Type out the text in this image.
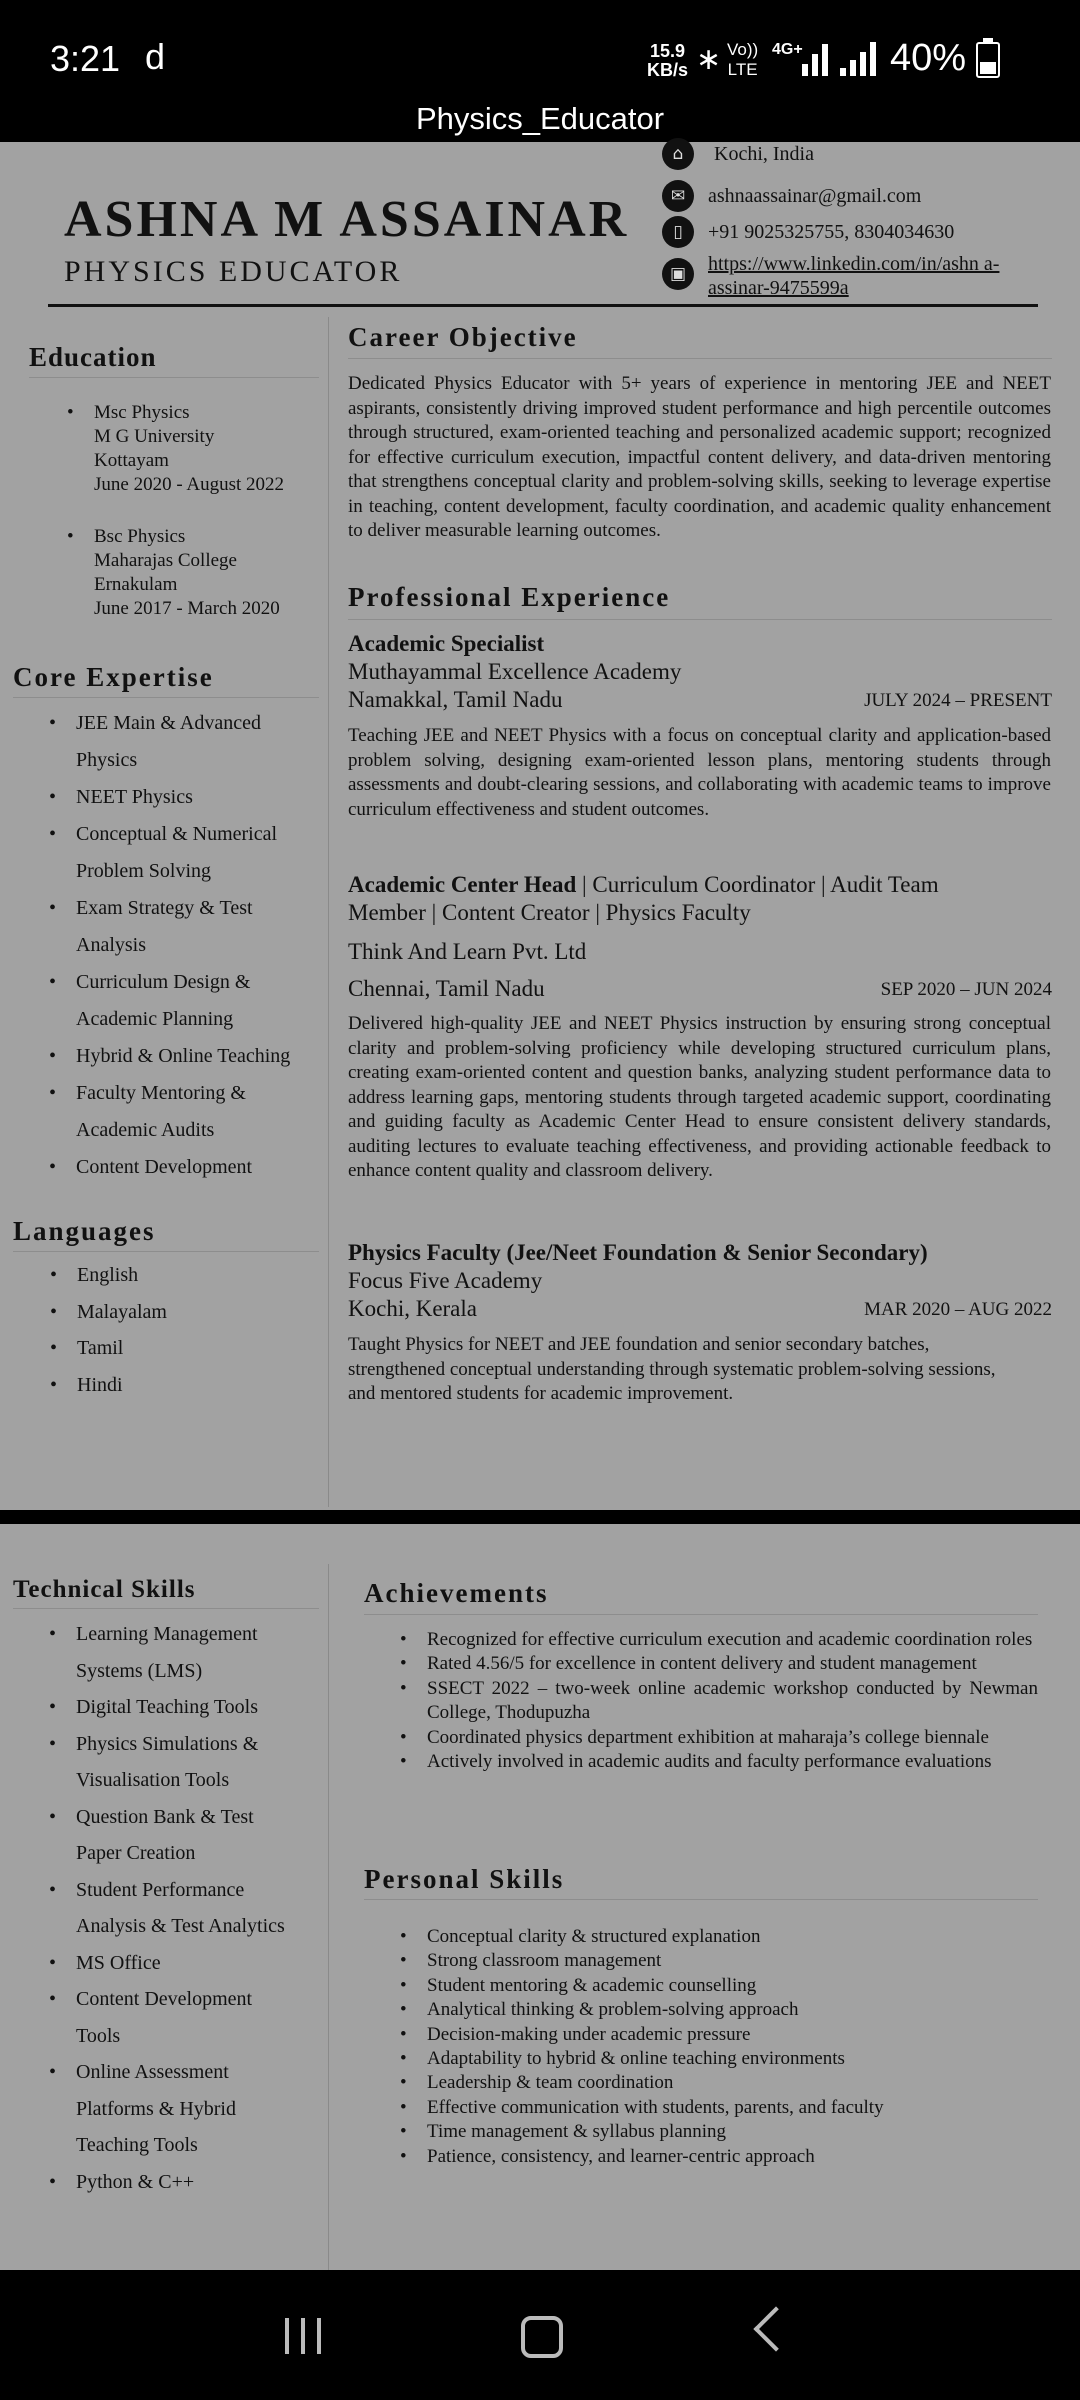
3:21 d	15.9
KB/s ∗ Vo))
LTE
4G+ 40%
Physics_Educator
ASHNA M ASSAINAR
PHYSICS EDUCATOR
⌂	Kochi, India
✉	ashnaassainar@gmail.com
▯	+91 9025325755, 8304034630
▣	https://www.linkedin.com/in/ashn a-
assinar-9475599a
Education
• Msc Physics
M G University
Kottayam
June 2020 - August 2022
• Bsc Physics
Maharajas College
Ernakulam
June 2017 - March 2020
Core Expertise
• JEE Main & Advanced
Physics
• NEET Physics
• Conceptual & Numerical
Problem Solving
• Exam Strategy & Test
Analysis
• Curriculum Design &
Academic Planning
• Hybrid & Online Teaching
• Faculty Mentoring &
Academic Audits
• Content Development
Languages
• English
• Malayalam
• Tamil
• Hindi
Career Objective
Dedicated Physics Educator with 5+ years of experience in mentoring JEE and NEET aspirants, consistently driving improved student performance and high percentile outcomes through structured, exam-oriented teaching and personalized academic support; recognized for effective curriculum execution, impactful content delivery, and data-driven mentoring that strengthens conceptual clarity and problem-solving skills, seeking to leverage expertise in teaching, content development, faculty coordination, and academic quality enhancement to deliver measurable learning outcomes.
Professional Experience
Academic Specialist
Muthayammal Excellence Academy
Namakkal, Tamil Nadu	JULY 2024 – PRESENT
Teaching JEE and NEET Physics with a focus on conceptual clarity and application-based problem solving, designing exam-oriented lesson plans, mentoring students through assessments and doubt-clearing sessions, and collaborating with academic teams to improve curriculum effectiveness and student outcomes.
Academic Center Head | Curriculum Coordinator | Audit Team
Member | Content Creator | Physics Faculty
Think And Learn Pvt. Ltd
Chennai, Tamil Nadu	SEP 2020 – JUN 2024
Delivered high-quality JEE and NEET Physics instruction by ensuring strong conceptual clarity and problem-solving proficiency while developing structured curriculum plans, creating exam-oriented content and question banks, analyzing student performance data to address learning gaps, mentoring students through targeted academic support, coordinating and guiding faculty as Academic Center Head to ensure consistent delivery standards, auditing lectures to evaluate teaching effectiveness, and providing actionable feedback to enhance content quality and classroom delivery.
Physics Faculty (Jee/Neet Foundation & Senior Secondary)
Focus Five Academy
Kochi, Kerala	MAR 2020 – AUG 2022
Taught Physics for NEET and JEE foundation and senior secondary batches, strengthened conceptual understanding through systematic problem-solving sessions, and mentored students for academic improvement.
Technical Skills
• Learning Management
Systems (LMS)
• Digital Teaching Tools
• Physics Simulations &
Visualisation Tools
• Question Bank & Test
Paper Creation
• Student Performance
Analysis & Test Analytics
• MS Office
• Content Development
Tools
• Online Assessment
Platforms & Hybrid
Teaching Tools
• Python & C++
Achievements
• Recognized for effective curriculum execution and academic coordination roles
• Rated 4.56/5 for excellence in content delivery and student management
• SSECT 2022 – two-week online academic workshop conducted by Newman College, Thodupuzha
• Coordinated physics department exhibition at maharaja’s college biennale
• Actively involved in academic audits and faculty performance evaluations
Personal Skills
• Conceptual clarity & structured explanation
• Strong classroom management
• Student mentoring & academic counselling
• Analytical thinking & problem-solving approach
• Decision-making under academic pressure
• Adaptability to hybrid & online teaching environments
• Leadership & team coordination
• Effective communication with students, parents, and faculty
• Time management & syllabus planning
• Patience, consistency, and learner-centric approach
